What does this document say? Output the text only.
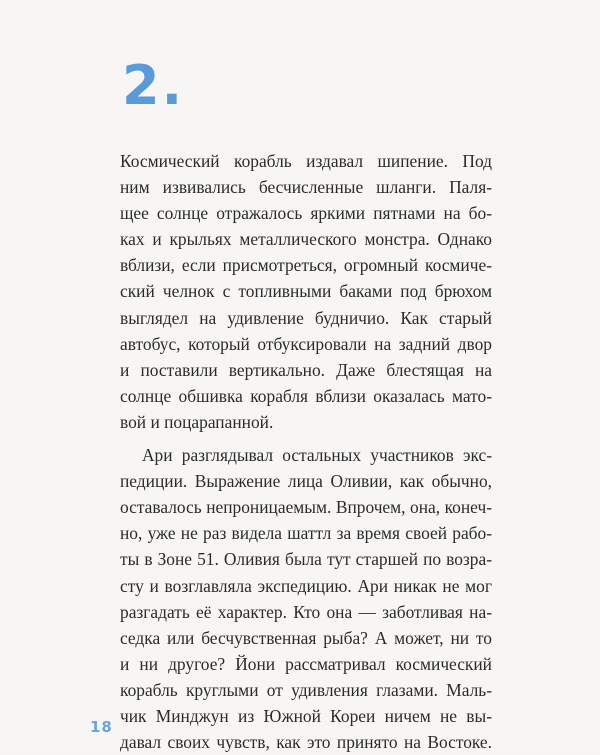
2.
Космический корабль издавал шипение. Под
ним извивались бесчисленные шланги. Паля-
щее солнце отражалось яркими пятнами на бо-
ках и крыльях металлического монстра. Однако
вблизи, если присмотреться, огромный космиче-
ский челнок с топливными баками под брюхом
выглядел на удивление будничио. Как старый
автобус, который отбуксировали на задний двор
и поставили вертикально. Даже блестящая на
солнце обшивка корабля вблизи оказалась мато-
вой и поцарапанной.
Ари разглядывал остальных участников экс-
педиции. Выражение лица Оливии, как обычно,
оставалось непроницаемым. Впрочем, она, конеч-
но, уже не раз видела шаттл за время своей рабо-
ты в Зоне 51. Оливия была тут старшей по возра-
сту и возглавляла экспедицию. Ари никак не мог
разгадать её характер. Кто она — заботливая на-
седка или бесчувственная рыба? А может, ни то
и ни другое? Йони рассматривал космический
корабль круглыми от удивления глазами. Маль-
чик Минджун из Южной Кореи ничем не вы-
давал своих чувств, как это принято на Востоке.
18
